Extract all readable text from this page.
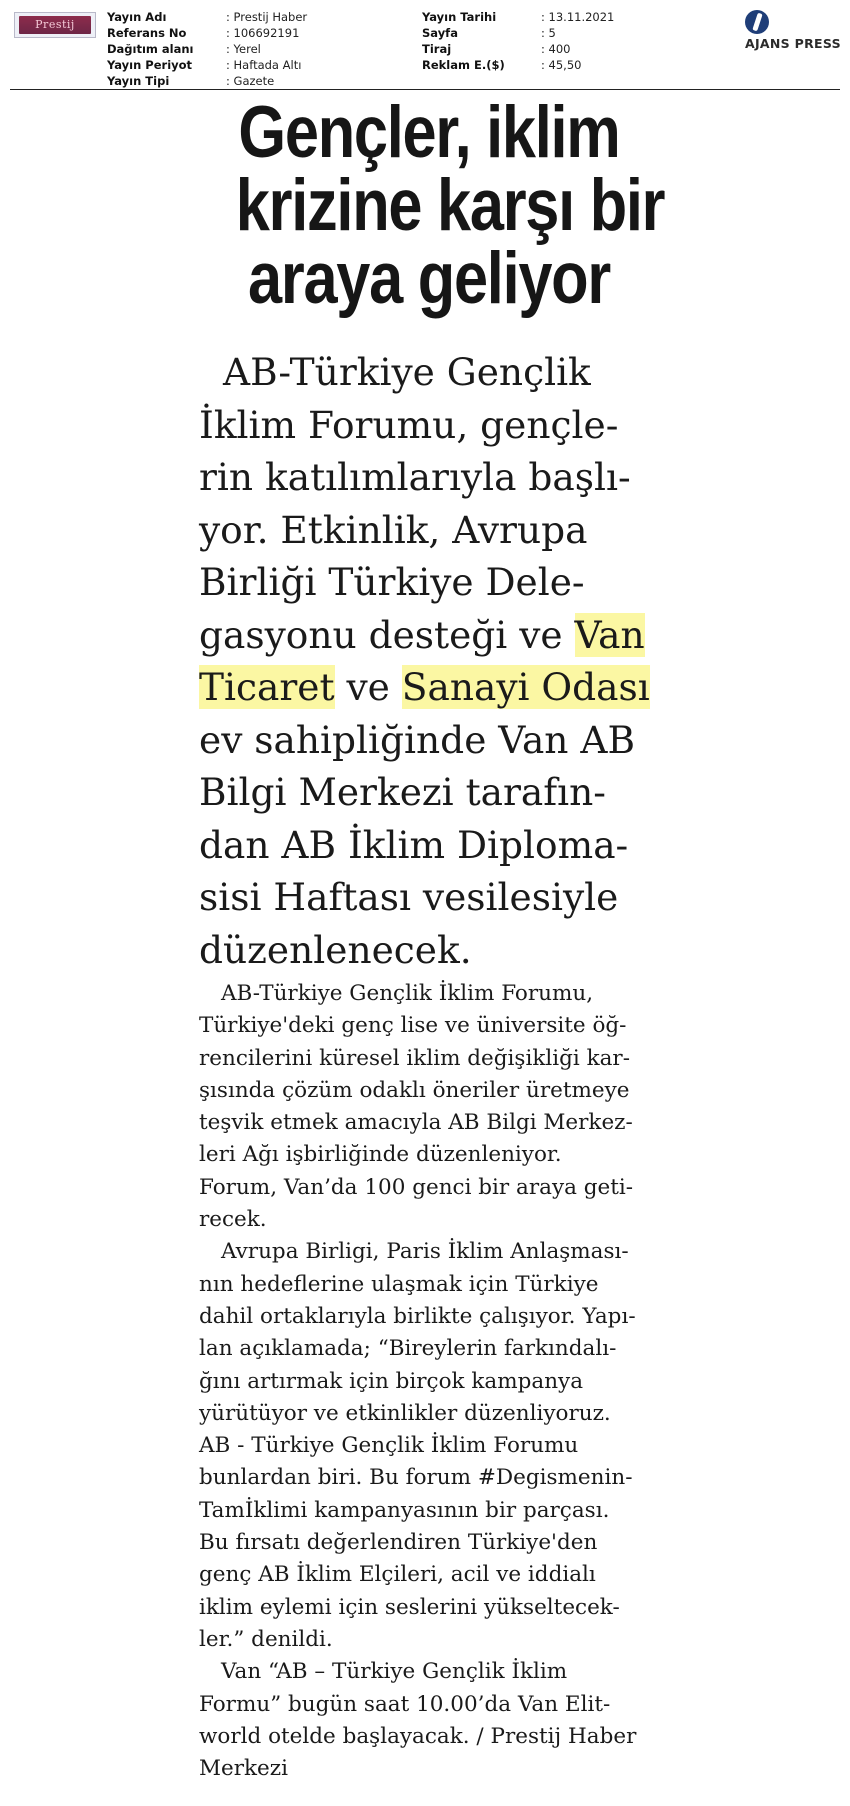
Prestij
Yayın Adı
Referans No
Dağıtım alanı
Yayın Periyot
Yayın Tipi
: Prestij Haber
: 106692191
: Yerel
: Haftada Altı
: Gazete
Yayın Tarihi
Sayfa
Tiraj
Reklam E.($)
: 13.11.2021
: 5
: 400
: 45,50
AJANS PRESS
Gençler, iklim
krizine karşı bir
araya geliyor
AB-Türkiye Gençlik
İklim Forumu, gençle-
rin katılımlarıyla başlı-
yor. Etkinlik, Avrupa
Birliği Türkiye Dele-
gasyonu desteği ve Van
Ticaret ve Sanayi Odası
ev sahipliğinde Van AB
Bilgi Merkezi tarafın-
dan AB İklim Diploma-
sisi Haftası vesilesiyle
düzenlenecek.
AB-Türkiye Gençlik İklim Forumu,
Türkiye'deki genç lise ve üniversite öğ-
rencilerini küresel iklim değişikliği kar-
şısında çözüm odaklı öneriler üretmeye
teşvik etmek amacıyla AB Bilgi Merkez-
leri Ağı işbirliğinde düzenleniyor.
Forum, Van’da 100 genci bir araya geti-
recek.
Avrupa Birligi, Paris İklim Anlaşması-
nın hedeflerine ulaşmak için Türkiye
dahil ortaklarıyla birlikte çalışıyor. Yapı-
lan açıklamada; “Bireylerin farkındalı-
ğını artırmak için birçok kampanya
yürütüyor ve etkinlikler düzenliyoruz.
AB - Türkiye Gençlik İklim Forumu
bunlardan biri. Bu forum #Degismenin-
Tamİklimi kampanyasının bir parçası.
Bu fırsatı değerlendiren Türkiye'den
genç AB İklim Elçileri, acil ve iddialı
iklim eylemi için seslerini yükseltecek-
ler.” denildi.
Van “AB – Türkiye Gençlik İklim
Formu” bugün saat 10.00’da Van Elit-
world otelde başlayacak. / Prestij Haber
Merkezi
